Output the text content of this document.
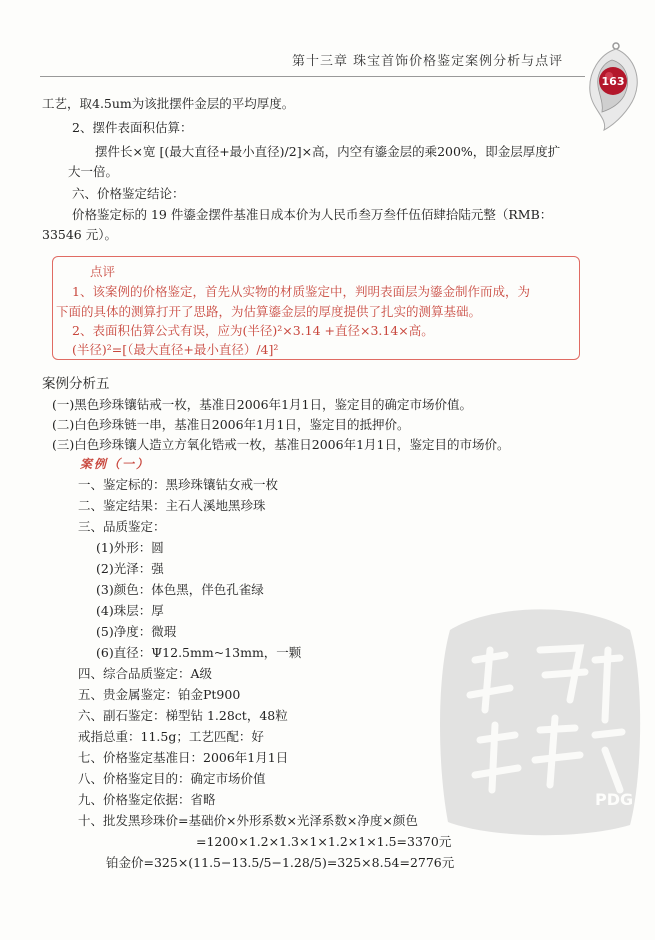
第十三章 珠宝首饰价格鉴定案例分析与点评
163
工艺，取4.5um为该批摆件金层的平均厚度。
2、摆件表面积估算：
摆件长×宽 [(最大直径+最小直径)/2]×高，内空有鎏金层的乘200%，即金层厚度扩
大一倍。
六、价格鉴定结论：
价格鉴定标的 19 件鎏金摆件基准日成本价为人民币叁万叁仟伍佰肆拾陆元整（RMB：
33546 元）。
点评
1、该案例的价格鉴定，首先从实物的材质鉴定中，判明表面层为鎏金制作而成，为
下面的具体的测算打开了思路，为估算鎏金层的厚度提供了扎实的测算基础。
2、表面积估算公式有误，应为(半径)²×3.14 +直径×3.14×高。
(半径)²=[（最大直径+最小直径）/4]²
案例分析五
(一)黑色珍珠镶钻戒一枚，基准日2006年1月1日，鉴定目的确定市场价值。
(二)白色珍珠链一串，基准日2006年1月1日，鉴定目的抵押价。
(三)白色珍珠镶人造立方氧化锆戒一枚，基准日2006年1月1日，鉴定目的市场价。
案例（一）
一、鉴定标的：黑珍珠镶钻女戒一枚
二、鉴定结果：主石人溪地黑珍珠
三、品质鉴定：
(1)外形：圆
(2)光泽：强
(3)颜色：体色黑，伴色孔雀绿
(4)珠层：厚
(5)净度：微瑕
(6)直径：Ψ12.5mm~13mm，一颗
四、综合品质鉴定：A级
五、贵金属鉴定：铂金Pt900
六、副石鉴定：梯型钻 1.28ct，48粒
戒指总重：11.5g；工艺匹配：好
七、价格鉴定基准日：2006年1月1日
八、价格鉴定目的：确定市场价值
九、价格鉴定依据：省略
十、批发黑珍珠价=基础价×外形系数×光泽系数×净度×颜色
=1200×1.2×1.3×1×1.2×1×1.5=3370元
铂金价=325×(11.5−13.5/5−1.28/5)=325×8.54=2776元
PDG
